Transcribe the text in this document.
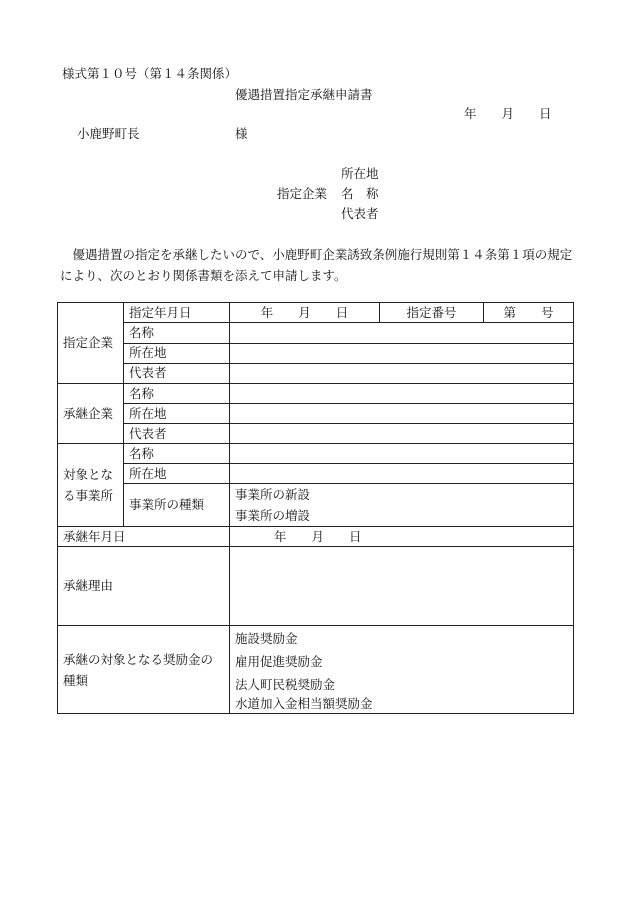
様式第１０号（第１４条関係）
優遇措置指定承継申請書
年　　月　　日
小鹿野町長	様
所在地
指定企業 名　称
代表者
　優遇措置の指定を承継したいので、小鹿野町企業誘致条例施行規則第１４条第１項の規定により、次のとおり関係書類を添えて申請します。
指定企業	指定年月日	年　　月　　日	指定番号	第　　号
	名称			
	所在地			
	代表者			
承継企業	名称			
	所在地			
	代表者			
対象となる事業所	名称			
	所在地			
	事業所の種類	事業所の新設
事業所の増設		

承継年月日		年　　月　　日		
承継理由				
承継の対象となる奨励金の種類		施設奨励金
雇用促進奨励金
法人町民税奨励金
水道加入金相当額奨励金		
